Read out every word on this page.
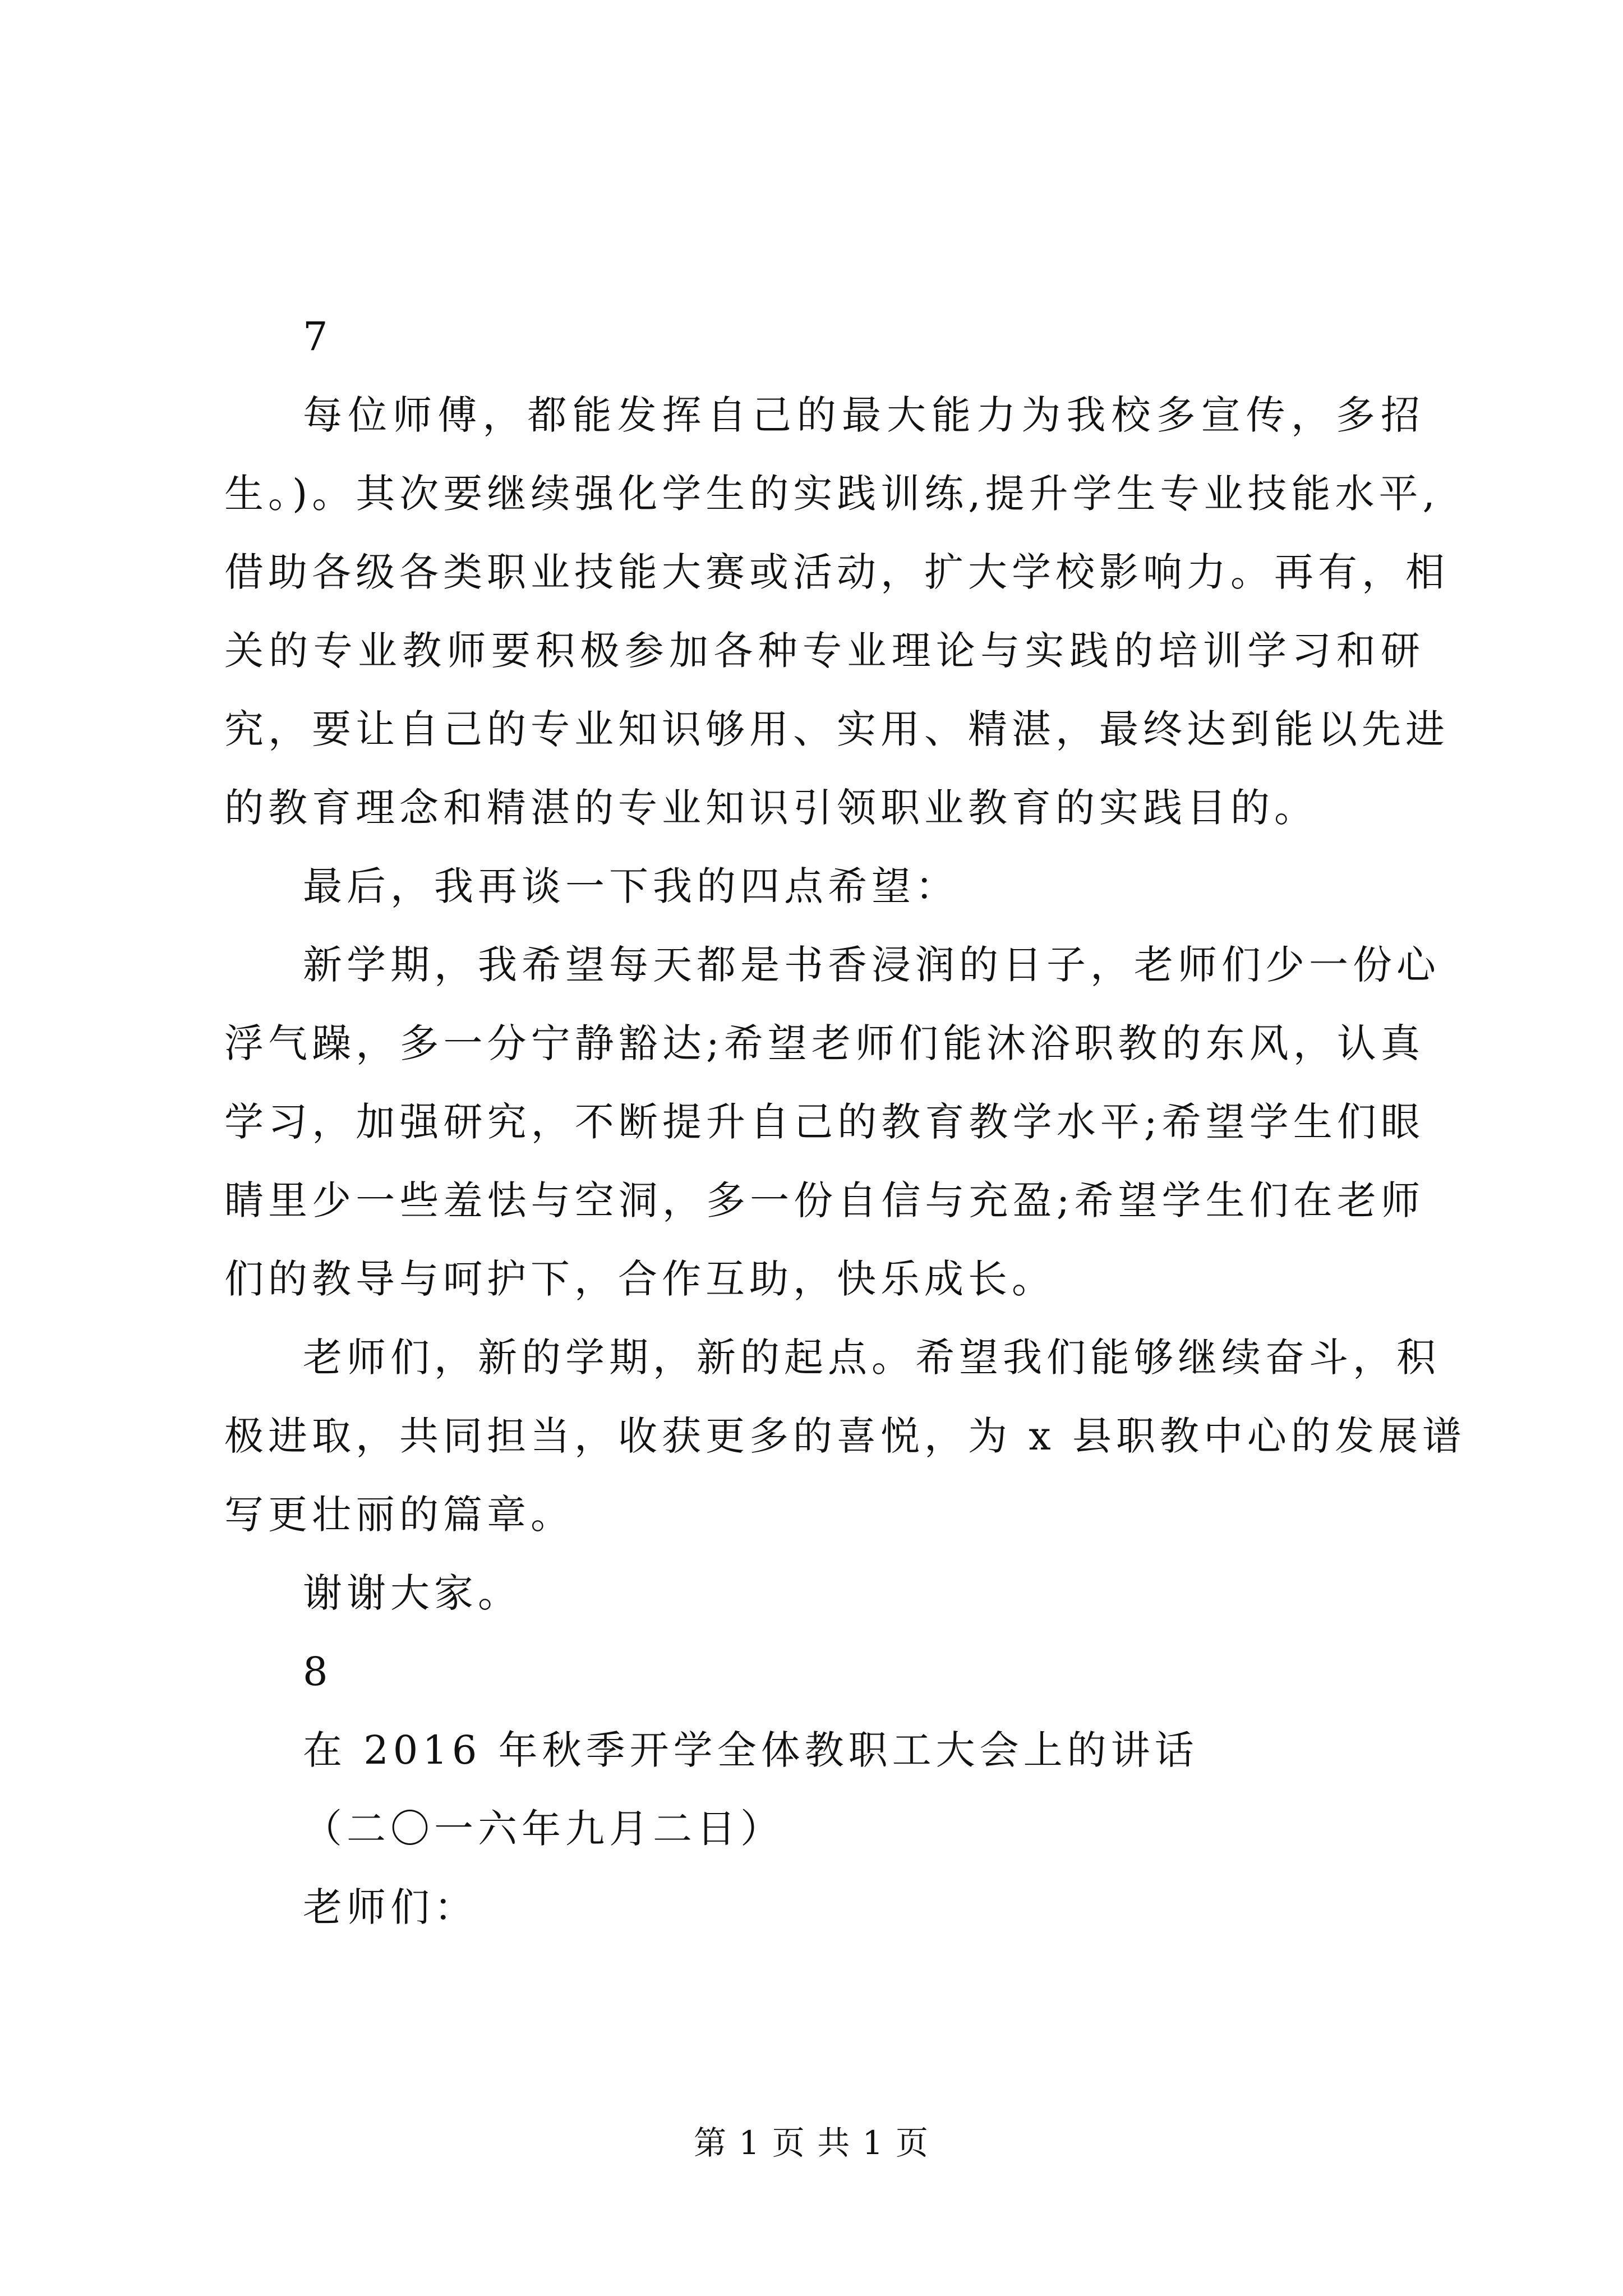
7
每位师傅，都能发挥自己的最大能力为我校多宣传，多招
生。)。其次要继续强化学生的实践训练,提升学生专业技能水平,
借助各级各类职业技能大赛或活动，扩大学校影响力。再有，相
关的专业教师要积极参加各种专业理论与实践的培训学习和研
究，要让自己的专业知识够用、实用、精湛，最终达到能以先进
的教育理念和精湛的专业知识引领职业教育的实践目的。
最后，我再谈一下我的四点希望：
新学期，我希望每天都是书香浸润的日子，老师们少一份心
浮气躁，多一分宁静豁达;希望老师们能沐浴职教的东风，认真
学习，加强研究，不断提升自己的教育教学水平;希望学生们眼
睛里少一些羞怯与空洞，多一份自信与充盈;希望学生们在老师
们的教导与呵护下，合作互助，快乐成长。
老师们，新的学期，新的起点。希望我们能够继续奋斗，积
极进取，共同担当，收获更多的喜悦，为 x 县职教中心的发展谱
写更壮丽的篇章。
谢谢大家。
8
在 2016 年秋季开学全体教职工大会上的讲话
（二〇一六年九月二日）
老师们：
第 1 页 共 1 页
